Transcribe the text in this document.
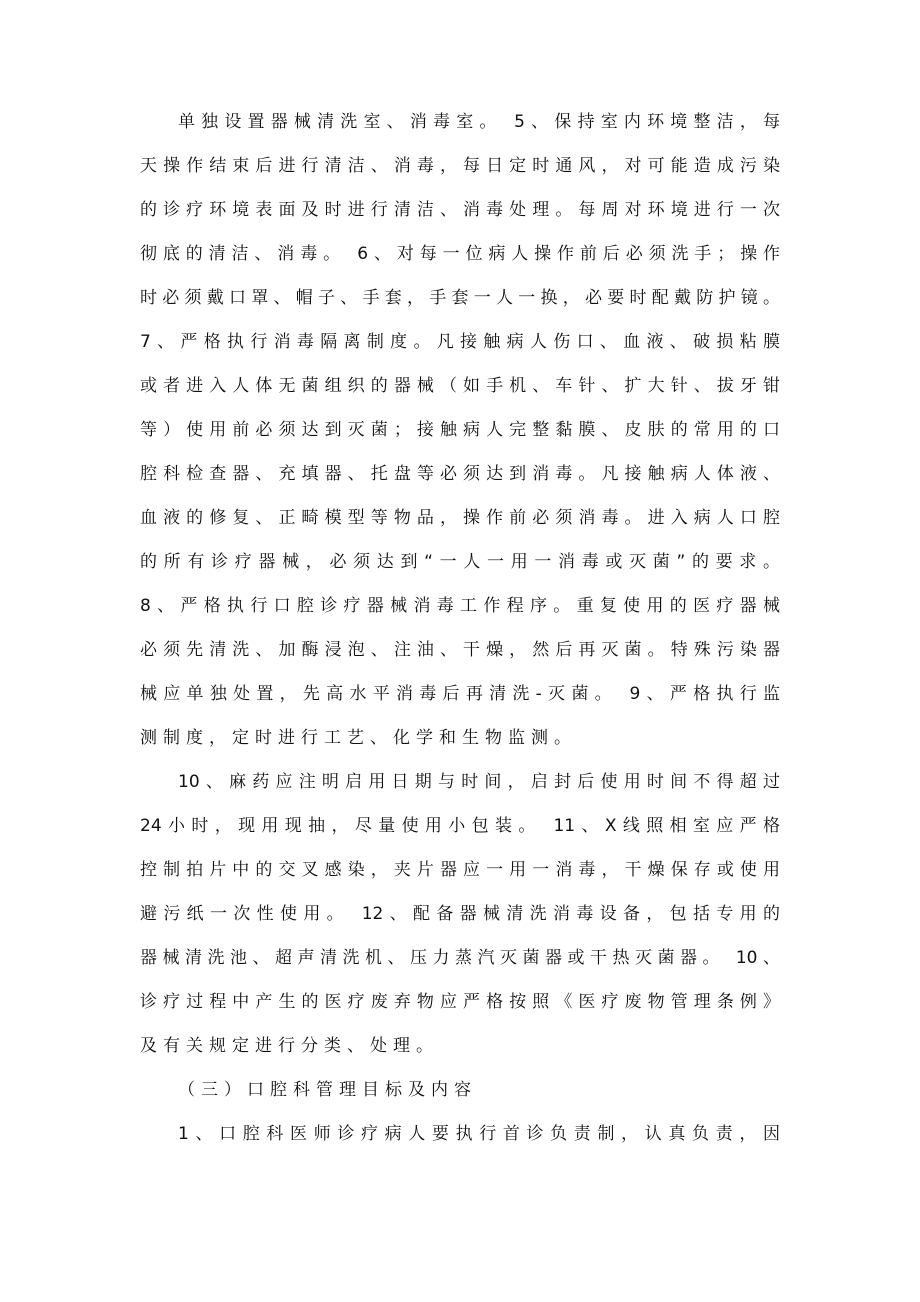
单独设置器械清洗室、消毒室。 5、保持室内环境整洁，每
天操作结束后进行清洁、消毒，每日定时通风，对可能造成污染
的诊疗环境表面及时进行清洁、消毒处理。每周对环境进行一次
彻底的清洁、消毒。 6、对每一位病人操作前后必须洗手；操作
时必须戴口罩、帽子、手套，手套一人一换，必要时配戴防护镜。
7、严格执行消毒隔离制度。凡接触病人伤口、血液、破损粘膜
或者进入人体无菌组织的器械（如手机、车针、扩大针、拔牙钳
等）使用前必须达到灭菌；接触病人完整黏膜、皮肤的常用的口
腔科检查器、充填器、托盘等必须达到消毒。凡接触病人体液、
血液的修复、正畸模型等物品，操作前必须消毒。进入病人口腔
的所有诊疗器械，必须达到“一人一用一消毒或灭菌”的要求。
8、严格执行口腔诊疗器械消毒工作程序。重复使用的医疗器械
必须先清洗、加酶浸泡、注油、干燥，然后再灭菌。特殊污染器
械应单独处置，先高水平消毒后再清洗-灭菌。 9、严格执行监
测制度，定时进行工艺、化学和生物监测。
10、麻药应注明启用日期与时间，启封后使用时间不得超过
24小时，现用现抽，尽量使用小包装。 11、X线照相室应严格
控制拍片中的交叉感染，夹片器应一用一消毒，干燥保存或使用
避污纸一次性使用。 12、配备器械清洗消毒设备，包括专用的
器械清洗池、超声清洗机、压力蒸汽灭菌器或干热灭菌器。 10、
诊疗过程中产生的医疗废弃物应严格按照《医疗废物管理条例》
及有关规定进行分类、处理。
（三）口腔科管理目标及内容
1、口腔科医师诊疗病人要执行首诊负责制，认真负责，因
